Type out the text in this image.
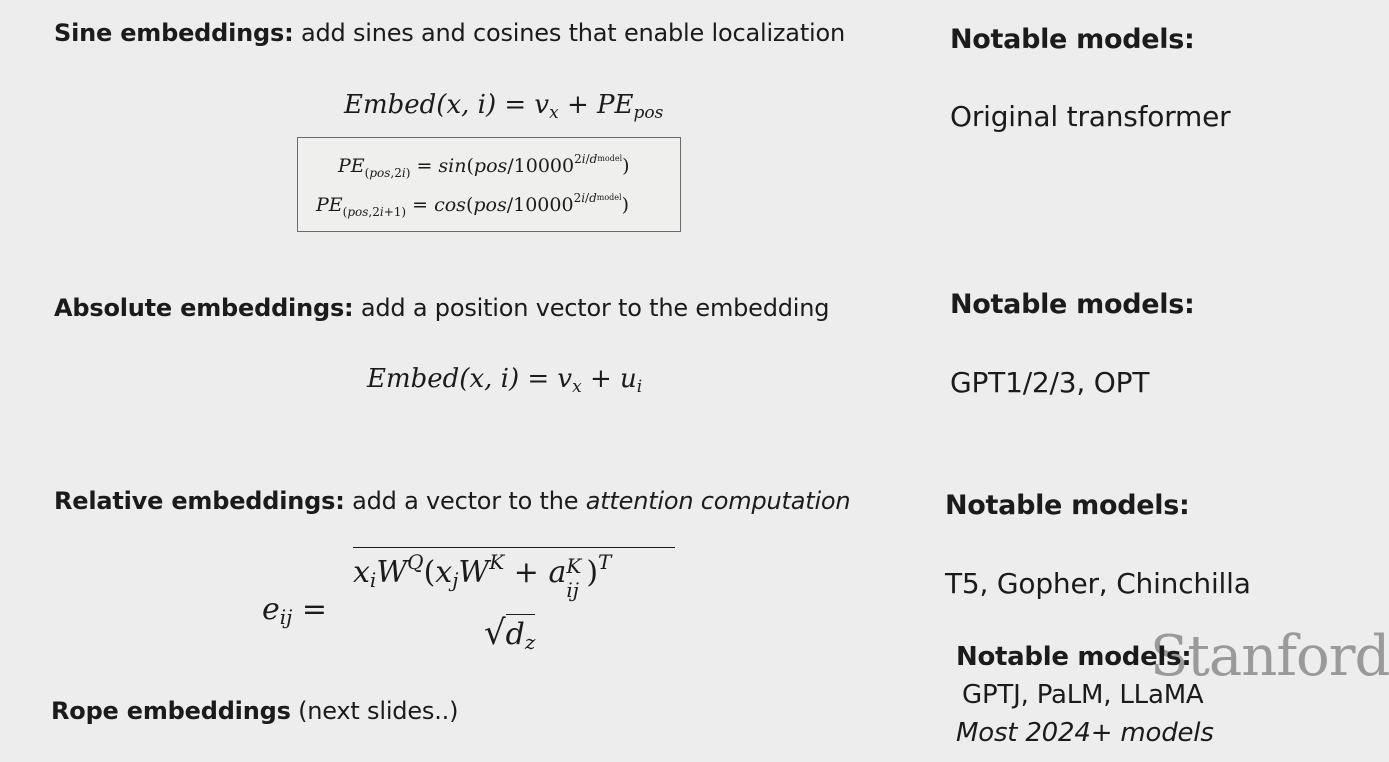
Sine embeddings: add sines and cosines that enable localization	Notable models:
Original transformer
Embed(x, $i) = v_x + PE_{pos}$
$PE_{(pos,2i)} = \sin(pos/10000^{2i/dmodel})$
$PE_{(pos,2i+1)} = \cos(pos/10000^{2i/dmodel})$
Absolute embeddings: add a position vector to the embedding	Notable models:
GPT1/2/3, OPT
Embed(x, $i) = v_x + u_i$
Relative embeddings: add a vector to the attention computation	Notable models:
T5, Gopher, Chinchilla
$e_{ij}$ =
$x_iW^Q(x_jW^K + a$ K
ij )$^T$
$√d_z$
Rope embeddings (next slides..)
Stanford
Notable models:
GPTJ, PaLM, LLaMA
Most 2024+ models
